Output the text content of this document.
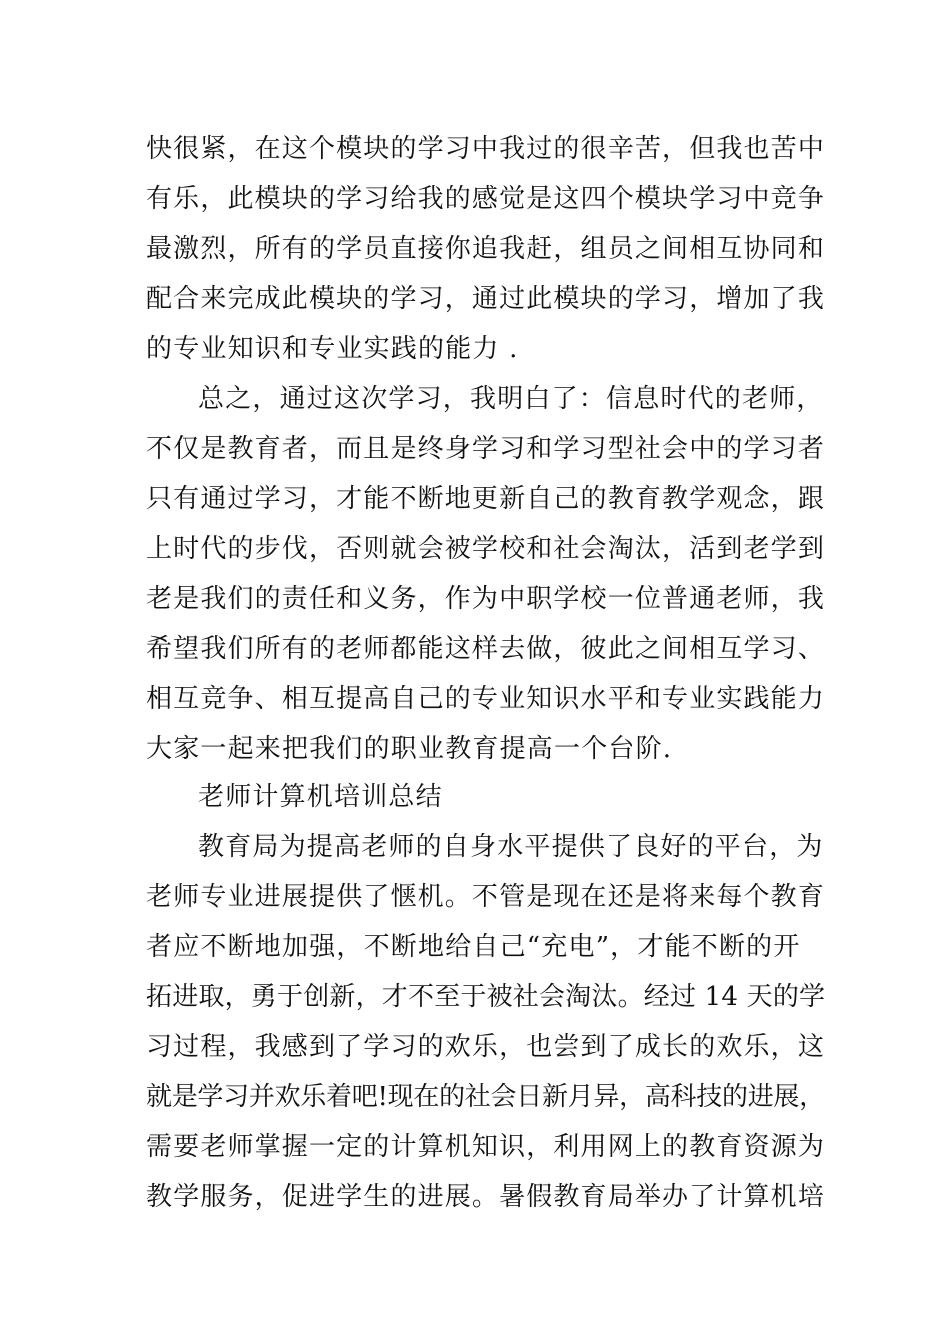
快很紧，在这个模块的学习中我过的很辛苦，但我也苦中
有乐，此模块的学习给我的感觉是这四个模块学习中竞争
最激烈，所有的学员直接你追我赶，组员之间相互协同和
配合来完成此模块的学习，通过此模块的学习，增加了我
的专业知识和专业实践的能力 .
总之，通过这次学习，我明白了：信息时代的老师，
不仅是教育者，而且是终身学习和学习型社会中的学习者
只有通过学习，才能不断地更新自己的教育教学观念，跟
上时代的步伐，否则就会被学校和社会淘汰，活到老学到
老是我们的责任和义务，作为中职学校一位普通老师，我
希望我们所有的老师都能这样去做，彼此之间相互学习、
相互竞争、相互提高自己的专业知识水平和专业实践能力
大家一起来把我们的职业教育提高一个台阶.
老师计算机培训总结
教育局为提高老师的自身水平提供了良好的平台，为
老师专业进展提供了惬机。不管是现在还是将来每个教育
者应不断地加强，不断地给自己“充电”，才能不断的开
拓进取，勇于创新，才不至于被社会淘汰。经过 14 天的学
习过程，我感到了学习的欢乐，也尝到了成长的欢乐，这
就是学习并欢乐着吧!现在的社会日新月异，高科技的进展，
需要老师掌握一定的计算机知识，利用网上的教育资源为
教学服务，促进学生的进展。暑假教育局举办了计算机培
